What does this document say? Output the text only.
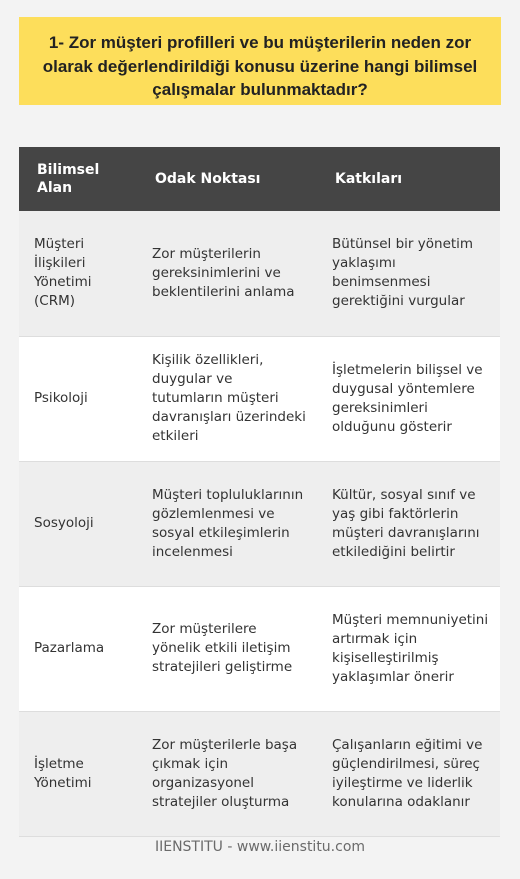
1- Zor müşteri profilleri ve bu müşterilerin neden zor olarak değerlendirildiği konusu üzerine hangi bilimsel çalışmalar bulunmaktadır?
Bilimsel Alan	Odak Noktası	Katkıları
Müşteri İlişkileri Yönetimi (CRM)	Zor müşterilerin gereksinimlerini ve beklentilerini anlama	Bütünsel bir yönetim yaklaşımı benimsenmesi gerektiğini vurgular
Psikoloji	Kişilik özellikleri, duygular ve tutumların müşteri davranışları üzerindeki etkileri	İşletmelerin bilişsel ve duygusal yöntemlere gereksinimleri olduğunu gösterir
Sosyoloji	Müşteri topluluklarının gözlemlenmesi ve sosyal etkileşimlerin incelenmesi	Kültür, sosyal sınıf ve yaş gibi faktörlerin müşteri davranışlarını etkilediğini belirtir
Pazarlama	Zor müşterilere yönelik etkili iletişim stratejileri geliştirme	Müşteri memnuniyetini artırmak için kişiselleştirilmiş yaklaşımlar önerir
İşletme Yönetimi	Zor müşterilerle başa çıkmak için organizasyonel stratejiler oluşturma	Çalışanların eğitimi ve güçlendirilmesi, süreç iyileştirme ve liderlik konularına odaklanır
IIENSTITU - www.iienstitu.com
